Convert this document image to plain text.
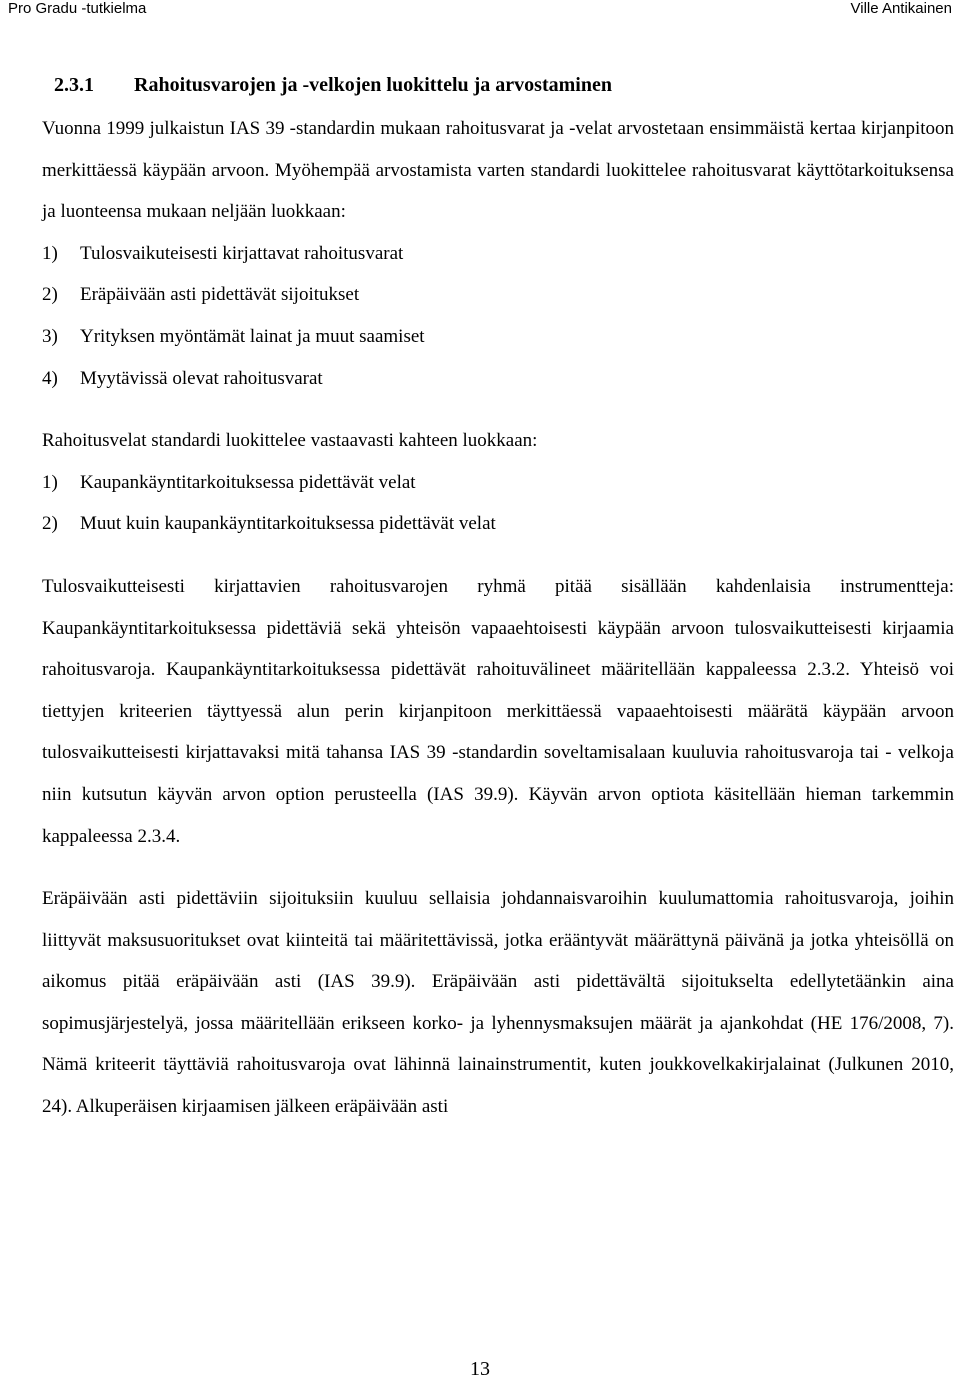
Pro Gradu -tutkielma	Ville Antikainen
2.3.1 Rahoitusvarojen ja -velkojen luokittelu ja arvostaminen

Vuonna 1999 julkaistun IAS 39 -standardin mukaan rahoitusvarat ja -velat arvostetaan ensimmäistä kertaa kirjanpitoon merkittäessä käypään arvoon. Myöhempää arvostamista varten standardi luokittelee rahoitusvarat käyttötarkoituksensa ja luonteensa mukaan neljään luokkaan:

1) Tulosvaikuteisesti kirjattavat rahoitusvarat
2) Eräpäivään asti pidettävät sijoitukset
3) Yrityksen myöntämät lainat ja muut saamiset
4) Myytävissä olevat rahoitusvarat

Rahoitusvelat standardi luokittelee vastaavasti kahteen luokkaan:

1) Kaupankäyntitarkoituksessa pidettävät velat
2) Muut kuin kaupankäyntitarkoituksessa pidettävät velat

Tulosvaikutteisesti kirjattavien rahoitusvarojen ryhmä pitää sisällään kahdenlaisia instrumentteja: Kaupankäyntitarkoituksessa pidettäviä sekä yhteisön vapaaehtoisesti käypään arvoon tulosvaikutteisesti kirjaamia rahoitusvaroja. Kaupankäyntitarkoituksessa pidettävät rahoituvälineet määritellään kappaleessa 2.3.2. Yhteisö voi tiettyjen kriteerien täyttyessä alun perin kirjanpitoon merkittäessä vapaaehtoisesti määrätä käypään arvoon tulosvaikutteisesti kirjattavaksi mitä tahansa IAS 39 -standardin soveltamisalaan kuuluvia rahoitusvaroja tai - velkoja niin kutsutun käyvän arvon option perusteella (IAS 39.9). Käyvän arvon optiota käsitellään hieman tarkemmin kappaleessa 2.3.4.

Eräpäivään asti pidettäviin sijoituksiin kuuluu sellaisia johdannaisvaroihin kuulumattomia rahoitusvaroja, joihin liittyvät maksusuoritukset ovat kiinteitä tai määritettävissä, jotka erääntyvät määrättynä päivänä ja jotka yhteisöllä on aikomus pitää eräpäivään asti (IAS 39.9). Eräpäivään asti pidettävältä sijoitukselta edellytetäänkin aina sopimusjärjestelyä, jossa määritellään erikseen korko- ja lyhennysmaksujen määrät ja ajankohdat (HE 176/2008, 7). Nämä kriteerit täyttäviä rahoitusvaroja ovat lähinnä lainainstrumentit, kuten joukkovelkakirjalainat (Julkunen 2010, 24). Alkuperäisen kirjaamisen jälkeen eräpäivään asti

13
